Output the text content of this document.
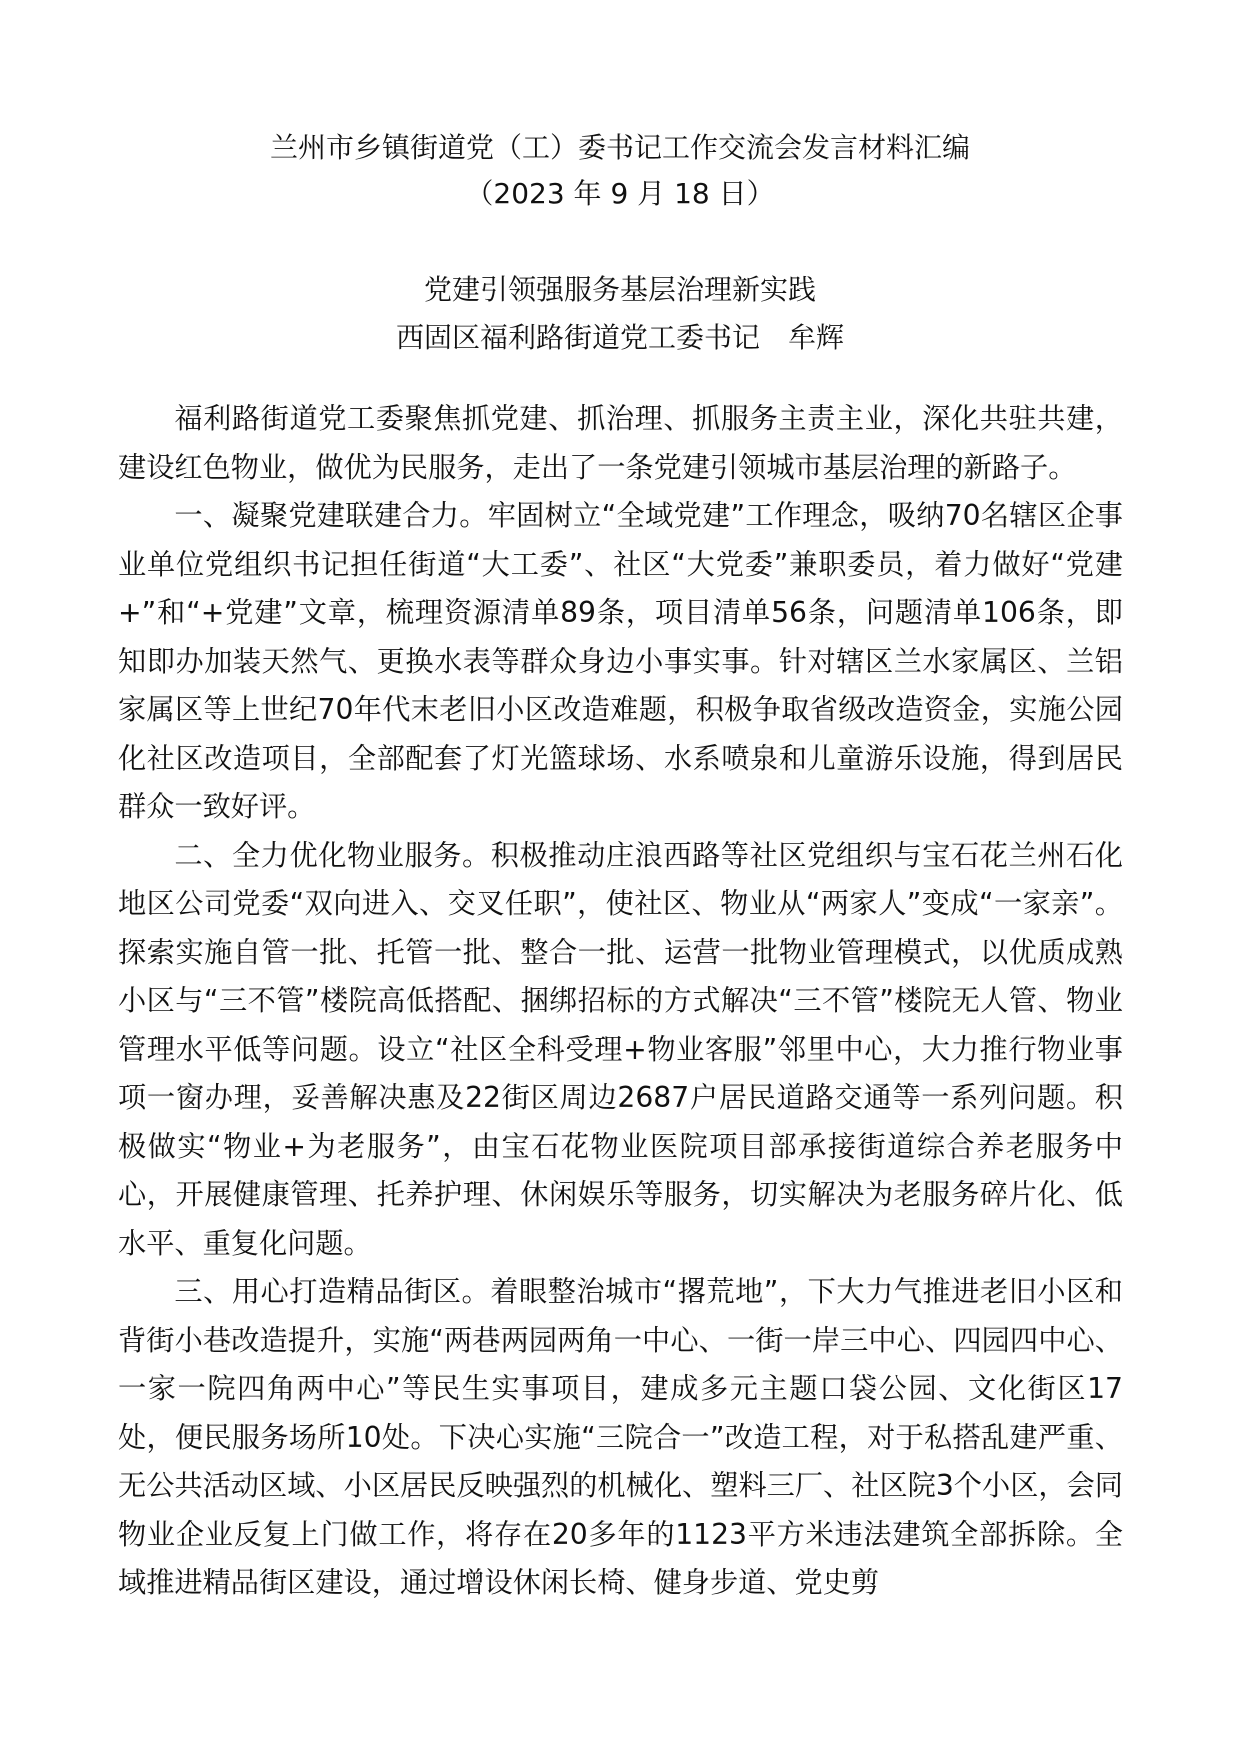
兰州市乡镇街道党（工）委书记工作交流会发言材料汇编
（2023 年 9 月 18 日）
党建引领强服务基层治理新实践
西固区福利路街道党工委书记　牟辉

福利路街道党工委聚焦抓党建、抓治理、抓服务主责主业，深化共驻共建，建设红色物业，做优为民服务，走出了一条党建引领城市基层治理的新路子。

一、凝聚党建联建合力。牢固树立“全域党建”工作理念，吸纳70名辖区企事业单位党组织书记担任街道“大工委”、社区“大党委”兼职委员，着力做好“党建+”和“+党建”文章，梳理资源清单89条，项目清单56条，问题清单106条，即知即办加装天然气、更换水表等群众身边小事实事。针对辖区兰水家属区、兰铝家属区等上世纪70年代末老旧小区改造难题，积极争取省级改造资金，实施公园化社区改造项目，全部配套了灯光篮球场、水系喷泉和儿童游乐设施，得到居民群众一致好评。

二、全力优化物业服务。积极推动庄浪西路等社区党组织与宝石花兰州石化地区公司党委“双向进入、交叉任职”，使社区、物业从“两家人”变成“一家亲”。探索实施自管一批、托管一批、整合一批、运营一批物业管理模式，以优质成熟小区与“三不管”楼院高低搭配、捆绑招标的方式解决“三不管”楼院无人管、物业管理水平低等问题。设立“社区全科受理+物业客服”邻里中心，大力推行物业事项一窗办理，妥善解决惠及22街区周边2687户居民道路交通等一系列问题。积极做实“物业+为老服务”，由宝石花物业医院项目部承接街道综合养老服务中心，开展健康管理、托养护理、休闲娱乐等服务，切实解决为老服务碎片化、低水平、重复化问题。

三、用心打造精品街区。着眼整治城市“撂荒地”，下大力气推进老旧小区和背街小巷改造提升，实施“两巷两园两角一中心、一街一岸三中心、四园四中心、一家一院四角两中心”等民生实事项目，建成多元主题口袋公园、文化街区17处，便民服务场所10处。下决心实施“三院合一”改造工程，对于私搭乱建严重、无公共活动区域、小区居民反映强烈的机械化、塑料三厂、社区院3个小区，会同物业企业反复上门做工作，将存在20多年的1123平方米违法建筑全部拆除。全域推进精品街区建设，通过增设休闲长椅、健身步道、党史剪
